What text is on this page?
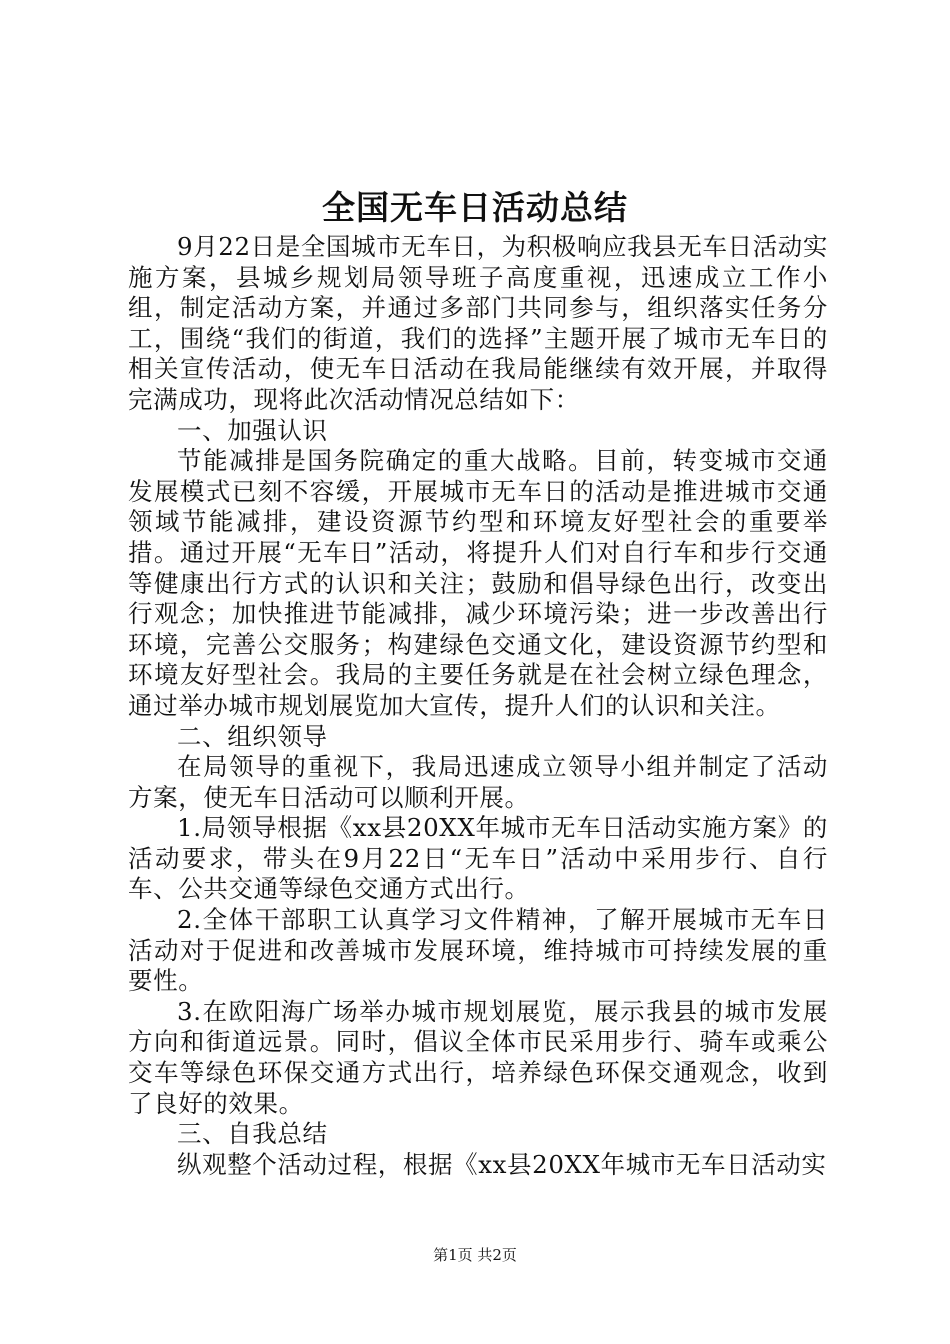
全国无车日活动总结

9月22日是全国城市无车日，为积极响应我县无车日活动实施方案，县城乡规划局领导班子高度重视，迅速成立工作小组，制定活动方案，并通过多部门共同参与，组织落实任务分工，围绕“我们的街道，我们的选择”主题开展了城市无车日的相关宣传活动，使无车日活动在我局能继续有效开展，并取得完满成功，现将此次活动情况总结如下：

一、加强认识

节能减排是国务院确定的重大战略。目前，转变城市交通发展模式已刻不容缓，开展城市无车日的活动是推进城市交通领域节能减排，建设资源节约型和环境友好型社会的重要举措。通过开展“无车日”活动，将提升人们对自行车和步行交通等健康出行方式的认识和关注；鼓励和倡导绿色出行，改变出行观念；加快推进节能减排，减少环境污染；进一步改善出行环境，完善公交服务；构建绿色交通文化，建设资源节约型和环境友好型社会。我局的主要任务就是在社会树立绿色理念，通过举办城市规划展览加大宣传，提升人们的认识和关注。

二、组织领导

在局领导的重视下，我局迅速成立领导小组并制定了活动方案，使无车日活动可以顺利开展。

1.局领导根据《xx县20XX年城市无车日活动实施方案》的活动要求，带头在9月22日“无车日”活动中采用步行、自行车、公共交通等绿色交通方式出行。

2.全体干部职工认真学习文件精神，了解开展城市无车日活动对于促进和改善城市发展环境，维持城市可持续发展的重要性。

3.在欧阳海广场举办城市规划展览，展示我县的城市发展方向和街道远景。同时，倡议全体市民采用步行、骑车或乘公交车等绿色环保交通方式出行，培养绿色环保交通观念，收到了良好的效果。

三、自我总结

纵观整个活动过程，根据《xx县20XX年城市无车日活动实

第1页 共2页
